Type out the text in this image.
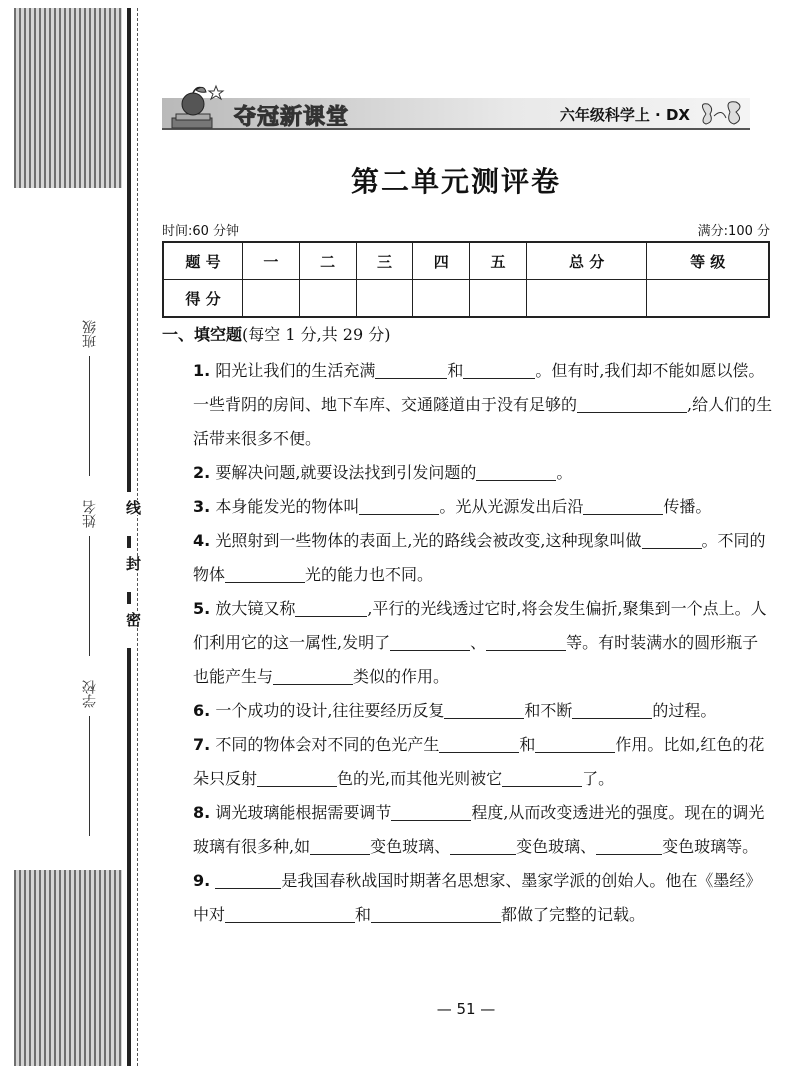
线
封
密
学校
姓名
班级
夺冠新课堂	六年级科学上 · DX
第二单元测评卷
时间:60 分钟	满分:100 分
题 号	一	二	三	四	五	总 分	等 级
得 分							
一、填空题(每空 1 分,共 29 分)

1. 阳光让我们的生活充满	和	。但有时,我们却不能如愿以偿。一些背阴的房间、地下车库、交通隧道由于没有足够的	,给人们的生活带来很多不便。

2. 要解决问题,就要设法找到引发问题的	。

3. 本身能发光的物体叫	。光从光源发出后沿	传播。

4. 光照射到一些物体的表面上,光的路线会被改变,这种现象叫做	。不同的物体	光的能力也不同。

5. 放大镜又称	,平行的光线透过它时,将会发生偏折,聚集到一个点上。人们利用它的这一属性,发明了	、	等。有时装满水的圆形瓶子也能产生与	类似的作用。

6. 一个成功的设计,往往要经历反复	和不断	的过程。

7. 不同的物体会对不同的色光产生	和	作用。比如,红色的花朵只反射	色的光,而其他光则被它	了。

8. 调光玻璃能根据需要调节	程度,从而改变透进光的强度。现在的调光玻璃有很多种,如	变色玻璃、	变色玻璃、	变色玻璃等。

9.	是我国春秋战国时期著名思想家、墨家学派的创始人。他在《墨经》中对	和	都做了完整的记载。

— 51 —
